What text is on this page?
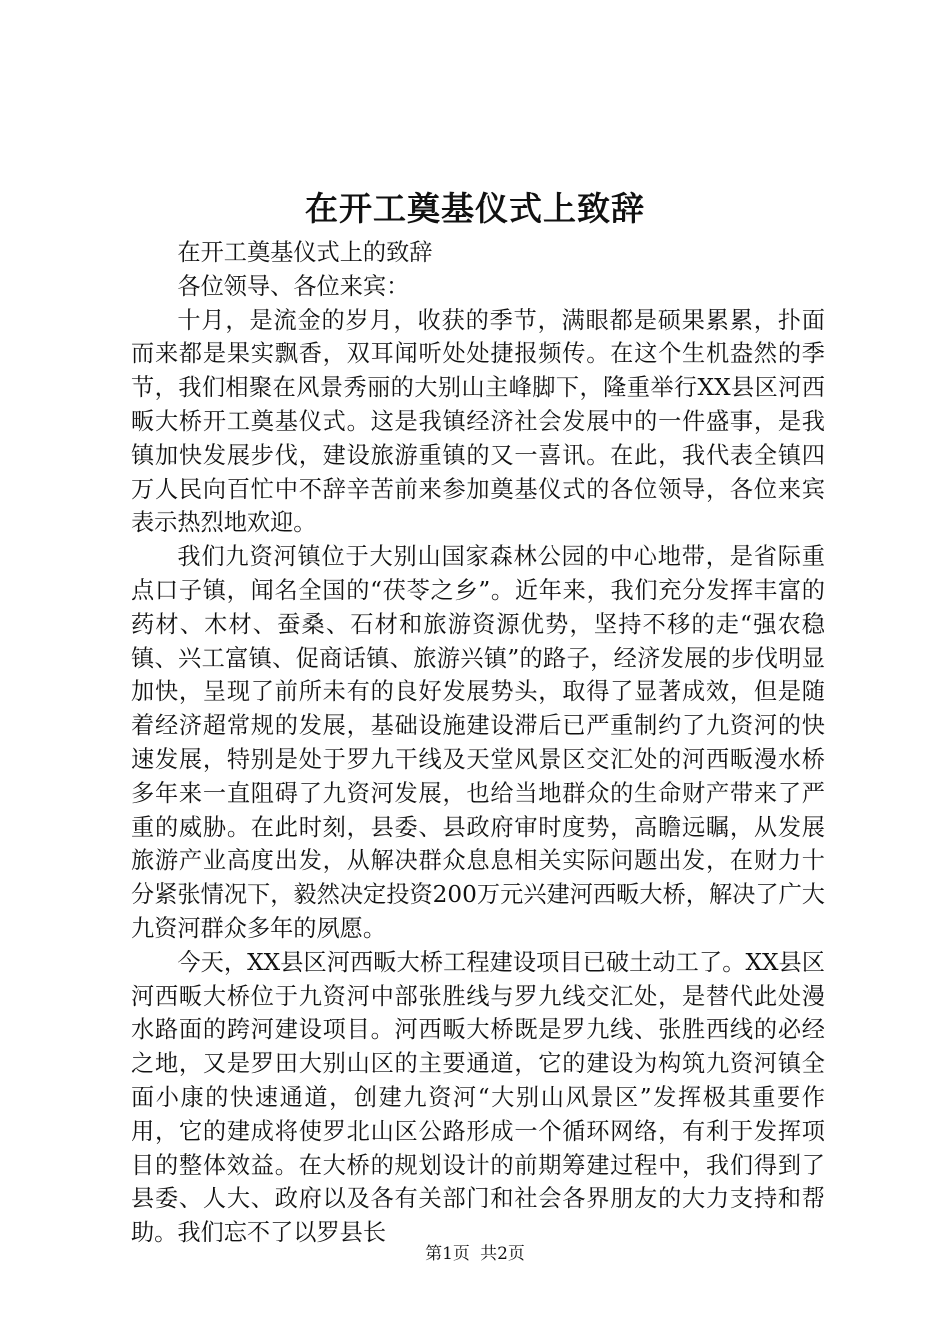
在开工奠基仪式上致辞

在开工奠基仪式上的致辞

各位领导、各位来宾：

十月，是流金的岁月，收获的季节，满眼都是硕果累累，扑面而来都是果实飘香，双耳闻听处处捷报频传。在这个生机盎然的季节，我们相聚在风景秀丽的大别山主峰脚下，隆重举行XX县区河西畈大桥开工奠基仪式。这是我镇经济社会发展中的一件盛事，是我镇加快发展步伐，建设旅游重镇的又一喜讯。在此，我代表全镇四万人民向百忙中不辞辛苦前来参加奠基仪式的各位领导，各位来宾表示热烈地欢迎。

我们九资河镇位于大别山国家森林公园的中心地带，是省际重点口子镇，闻名全国的“茯苓之乡”。近年来，我们充分发挥丰富的药材、木材、蚕桑、石材和旅游资源优势，坚持不移的走“强农稳镇、兴工富镇、促商话镇、旅游兴镇”的路子，经济发展的步伐明显加快，呈现了前所未有的良好发展势头，取得了显著成效，但是随着经济超常规的发展，基础设施建设滞后已严重制约了九资河的快速发展，特别是处于罗九干线及天堂风景区交汇处的河西畈漫水桥多年来一直阻碍了九资河发展，也给当地群众的生命财产带来了严重的威胁。在此时刻，县委、县政府审时度势，高瞻远瞩，从发展旅游产业高度出发，从解决群众息息相关实际问题出发，在财力十分紧张情况下，毅然决定投资200万元兴建河西畈大桥，解决了广大九资河群众多年的夙愿。

今天，XX县区河西畈大桥工程建设项目已破土动工了。XX县区河西畈大桥位于九资河中部张胜线与罗九线交汇处，是替代此处漫水路面的跨河建设项目。河西畈大桥既是罗九线、张胜西线的必经之地，又是罗田大别山区的主要通道，它的建设为构筑九资河镇全面小康的快速通道，创建九资河“大别山风景区”发挥极其重要作用，它的建成将使罗北山区公路形成一个循环网络，有利于发挥项目的整体效益。在大桥的规划设计的前期筹建过程中，我们得到了县委、人大、政府以及各有关部门和社会各界朋友的大力支持和帮助。我们忘不了以罗县长

第1页 共2页
